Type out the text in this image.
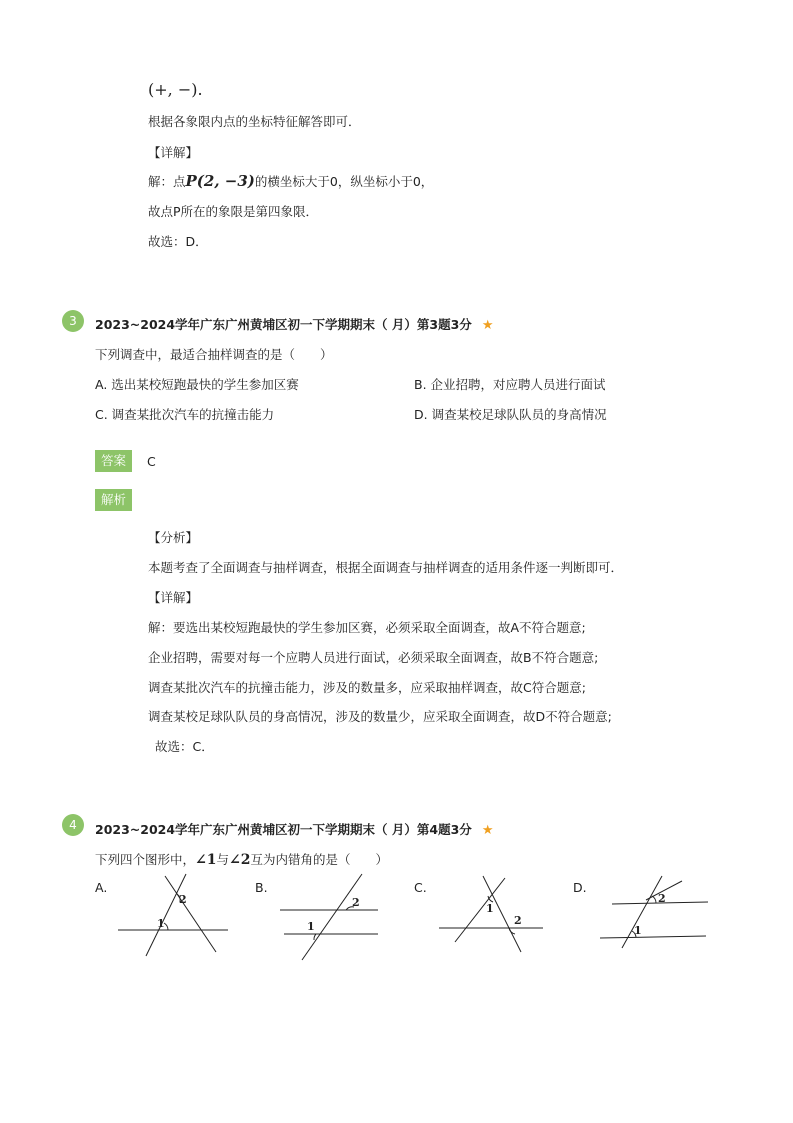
(+, −).
根据各象限内点的坐标特征解答即可．
【详解】
解：点P(2, −3)的横坐标大于0，纵坐标小于0，
故点P所在的象限是第四象限．
故选：D．
3	2023~2024学年广东广州黄埔区初一下学期期末（ 月）第3题3分 ★
下列调查中，最适合抽样调查的是（　　）
A. 选出某校短跑最快的学生参加区赛	B. 企业招聘，对应聘人员进行面试
C. 调查某批次汽车的抗撞击能力	D. 调查某校足球队队员的身高情况
答案	C
解析
【分析】
本题考查了全面调查与抽样调查，根据全面调查与抽样调查的适用条件逐一判断即可．
【详解】
解：要选出某校短跑最快的学生参加区赛，必须采取全面调查，故A不符合题意;
企业招聘，需要对每一个应聘人员进行面试，必须采取全面调查，故B不符合题意;
调查某批次汽车的抗撞击能力，涉及的数量多，应采取抽样调查，故C符合题意;
调查某校足球队队员的身高情况，涉及的数量少，应采取全面调查，故D不符合题意;
故选：C．
4	2023~2024学年广东广州黄埔区初一下学期期末（ 月）第4题3分 ★
下列四个图形中，∠1与∠2互为内错角的是（　　）
A.	B.	C.	D.
1
2	2
1
1
2
2
1
